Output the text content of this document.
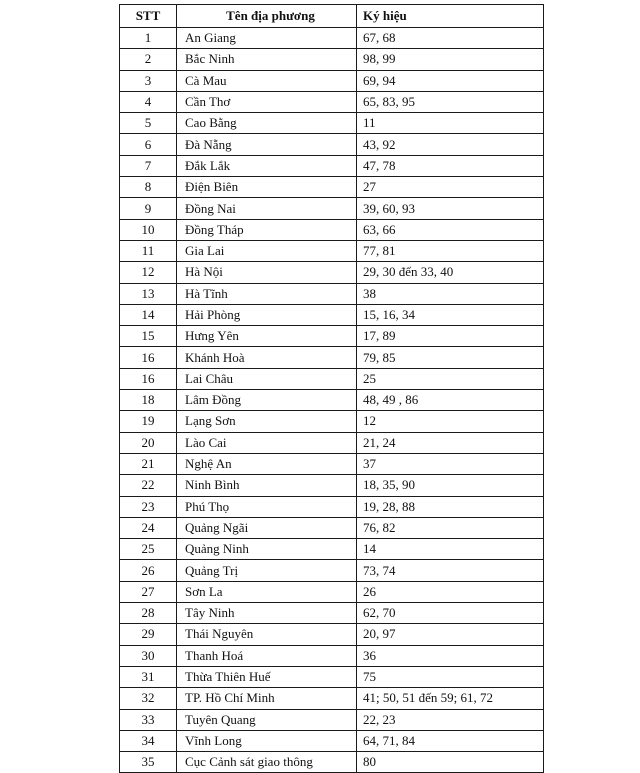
STT	Tên địa phương	Ký hiệu
1	An Giang	67, 68
2	Bắc Ninh	98, 99
3	Cà Mau	69, 94
4	Cần Thơ	65, 83, 95
5	Cao Bằng	11
6	Đà Nẵng	43, 92
7	Đắk Lắk	47, 78
8	Điện Biên	27
9	Đồng Nai	39, 60, 93
10	Đồng Tháp	63, 66
11	Gia Lai	77, 81
12	Hà Nội	29, 30 đến 33, 40
13	Hà Tĩnh	38
14	Hải Phòng	15, 16, 34
15	Hưng Yên	17, 89
16	Khánh Hoà	79, 85
16	Lai Châu	25
18	Lâm Đồng	48, 49 , 86
19	Lạng Sơn	12
20	Lào Cai	21, 24
21	Nghệ An	37
22	Ninh Bình	18, 35, 90
23	Phú Thọ	19, 28, 88
24	Quảng Ngãi	76, 82
25	Quảng Ninh	14
26	Quảng Trị	73, 74
27	Sơn La	26
28	Tây Ninh	62, 70
29	Thái Nguyên	20, 97
30	Thanh Hoá	36
31	Thừa Thiên Huế	75
32	TP. Hồ Chí Minh	41; 50, 51 đến 59; 61, 72
33	Tuyên Quang	22, 23
34	Vĩnh Long	64, 71, 84
35	Cục Cảnh sát giao thông	80
